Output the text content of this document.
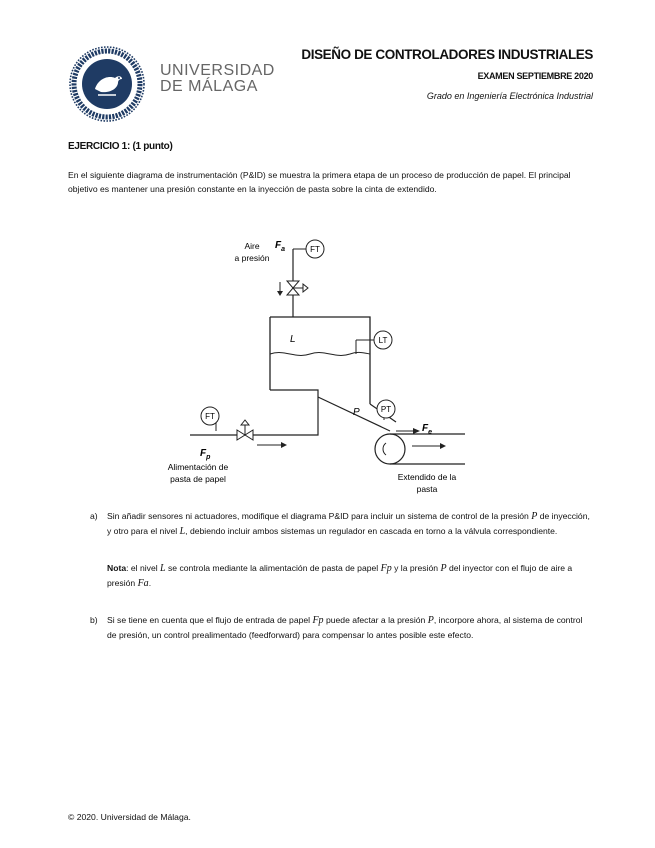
UNIVERSIDAD
DE MÁLAGA
DISEÑO DE CONTROLADORES INDUSTRIALES
EXAMEN SEPTIEMBRE 2020
Grado en Ingeniería Electrónica Industrial
EJERCICIO 1: (1 punto)
En el siguiente diagrama de instrumentación (P&ID) se muestra la primera etapa de un proceso de producción de papel. El principal objetivo es mantener una presión constante en la inyección de pasta sobre la cinta de extendido.
Aire
a presión
$F_a$	FT
L	LT
P	PT
FT
$F_p$
Alimentación de
pasta de papel
$F_e$
Extendido de la
pasta
a) Sin añadir sensores ni actuadores, modifique el diagrama P&ID para incluir un sistema de control de la presión P de inyección, y otro para el nivel L, debiendo incluir ambos sistemas un regulador en cascada en torno a la válvula correspondiente.
Nota: el nivel L se controla mediante la alimentación de pasta de papel Fp y la presión P del inyector con el flujo de aire a presión Fa.
b) Si se tiene en cuenta que el flujo de entrada de papel Fp puede afectar a la presión P, incorpore ahora, al sistema de control de presión, un control prealimentado (feedforward) para compensar lo antes posible este efecto.
© 2020. Universidad de Málaga.
